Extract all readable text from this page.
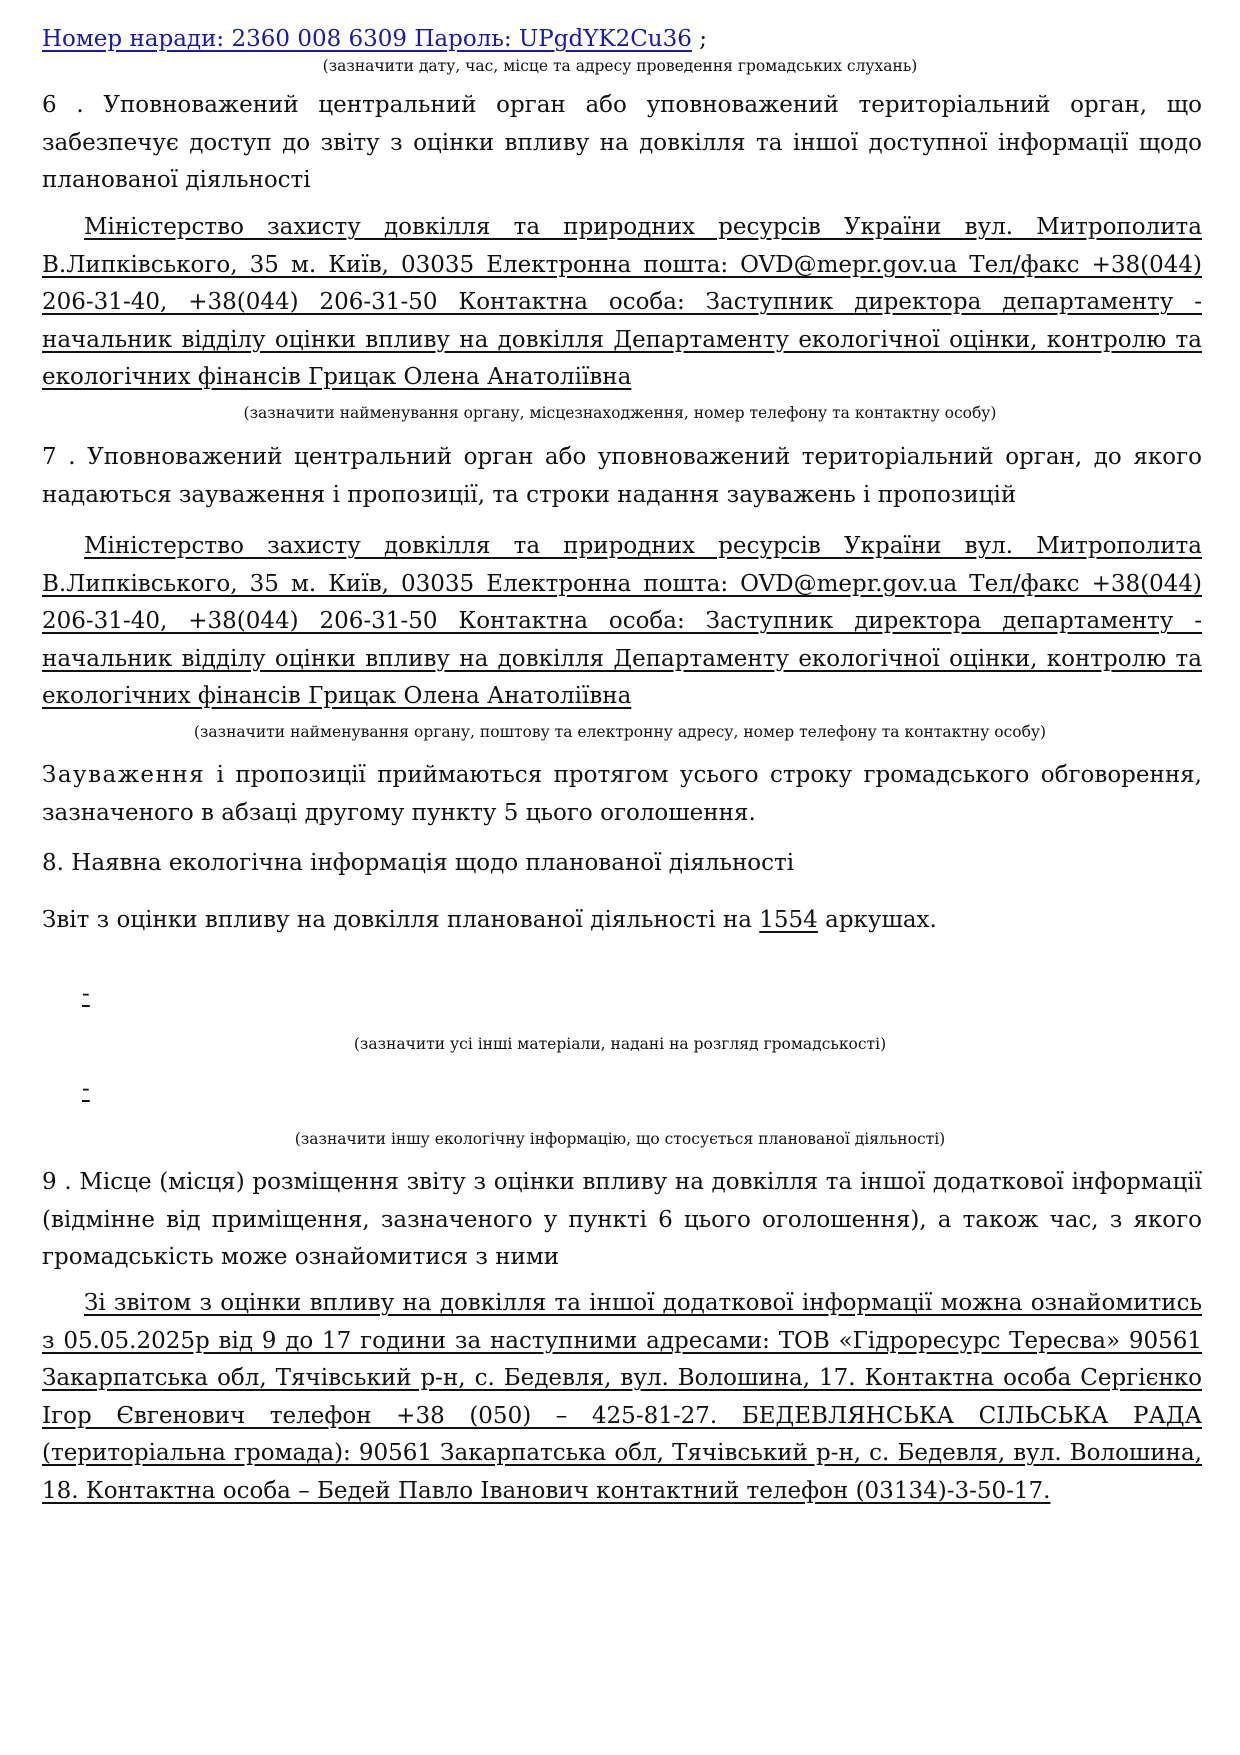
Номер наради: 2360 008 6309 Пароль: UPgdYK2Cu36 ;
(зазначити дату, час, місце та адресу проведення громадських слухань)
6 . Уповноважений центральний орган або уповноважений територіальний орган, що забезпечує доступ до звіту з оцінки впливу на довкілля та іншої доступної інформації щодо планованої діяльності
Міністерство захисту довкілля та природних ресурсів України вул. Митрополита В.Липківського, 35 м. Київ, 03035 Електронна пошта: OVD@mepr.gov.ua Тел/факс +38(044) 206-31-40, +38(044) 206-31-50 Контактна особа: Заступник директора департаменту - начальник відділу оцінки впливу на довкілля Департаменту екологічної оцінки, контролю та екологічних фінансів Грицак Олена Анатоліївна
(зазначити найменування органу, місцезнаходження, номер телефону та контактну особу)
7 . Уповноважений центральний орган або уповноважений територіальний орган, до якого надаються зауваження і пропозиції, та строки надання зауважень і пропозицій
Міністерство захисту довкілля та природних ресурсів України вул. Митрополита В.Липківського, 35 м. Київ, 03035 Електронна пошта: OVD@mepr.gov.ua Тел/факс +38(044) 206-31-40, +38(044) 206-31-50 Контактна особа: Заступник директора департаменту - начальник відділу оцінки впливу на довкілля Департаменту екологічної оцінки, контролю та екологічних фінансів Грицак Олена Анатоліївна
(зазначити найменування органу, поштову та електронну адресу, номер телефону та контактну особу)
Зауваження і пропозиції приймаються протягом усього строку громадського обговорення, зазначеного в абзаці другому пункту 5 цього оголошення.
8. Наявна екологічна інформація щодо планованої діяльності
Звіт з оцінки впливу на довкілля планованої діяльності на 1554 аркушах.
-
(зазначити усі інші матеріали, надані на розгляд громадськості)
-
(зазначити іншу екологічну інформацію, що стосується планованої діяльності)
9 . Місце (місця) розміщення звіту з оцінки впливу на довкілля та іншої додаткової інформації (відмінне від приміщення, зазначеного у пункті 6 цього оголошення), а також час, з якого громадськість може ознайомитися з ними
Зі звітом з оцінки впливу на довкілля та іншої додаткової інформації можна ознайомитись з 05.05.2025р від 9 до 17 години за наступними адресами: ТОВ «Гідроресурс Тересва» 90561 Закарпатська обл, Тячівський р-н, с. Бедевля, вул. Волошина, 17. Контактна особа Сергієнко Ігор Євгенович телефон +38 (050) – 425-81-27. БЕДЕВЛЯНСЬКА СІЛЬСЬКА РАДА (територіальна громада): 90561 Закарпатська обл, Тячівський р-н, с. Бедевля, вул. Волошина, 18. Контактна особа – Бедей Павло Іванович контактний телефон (03134)-3-50-17.
